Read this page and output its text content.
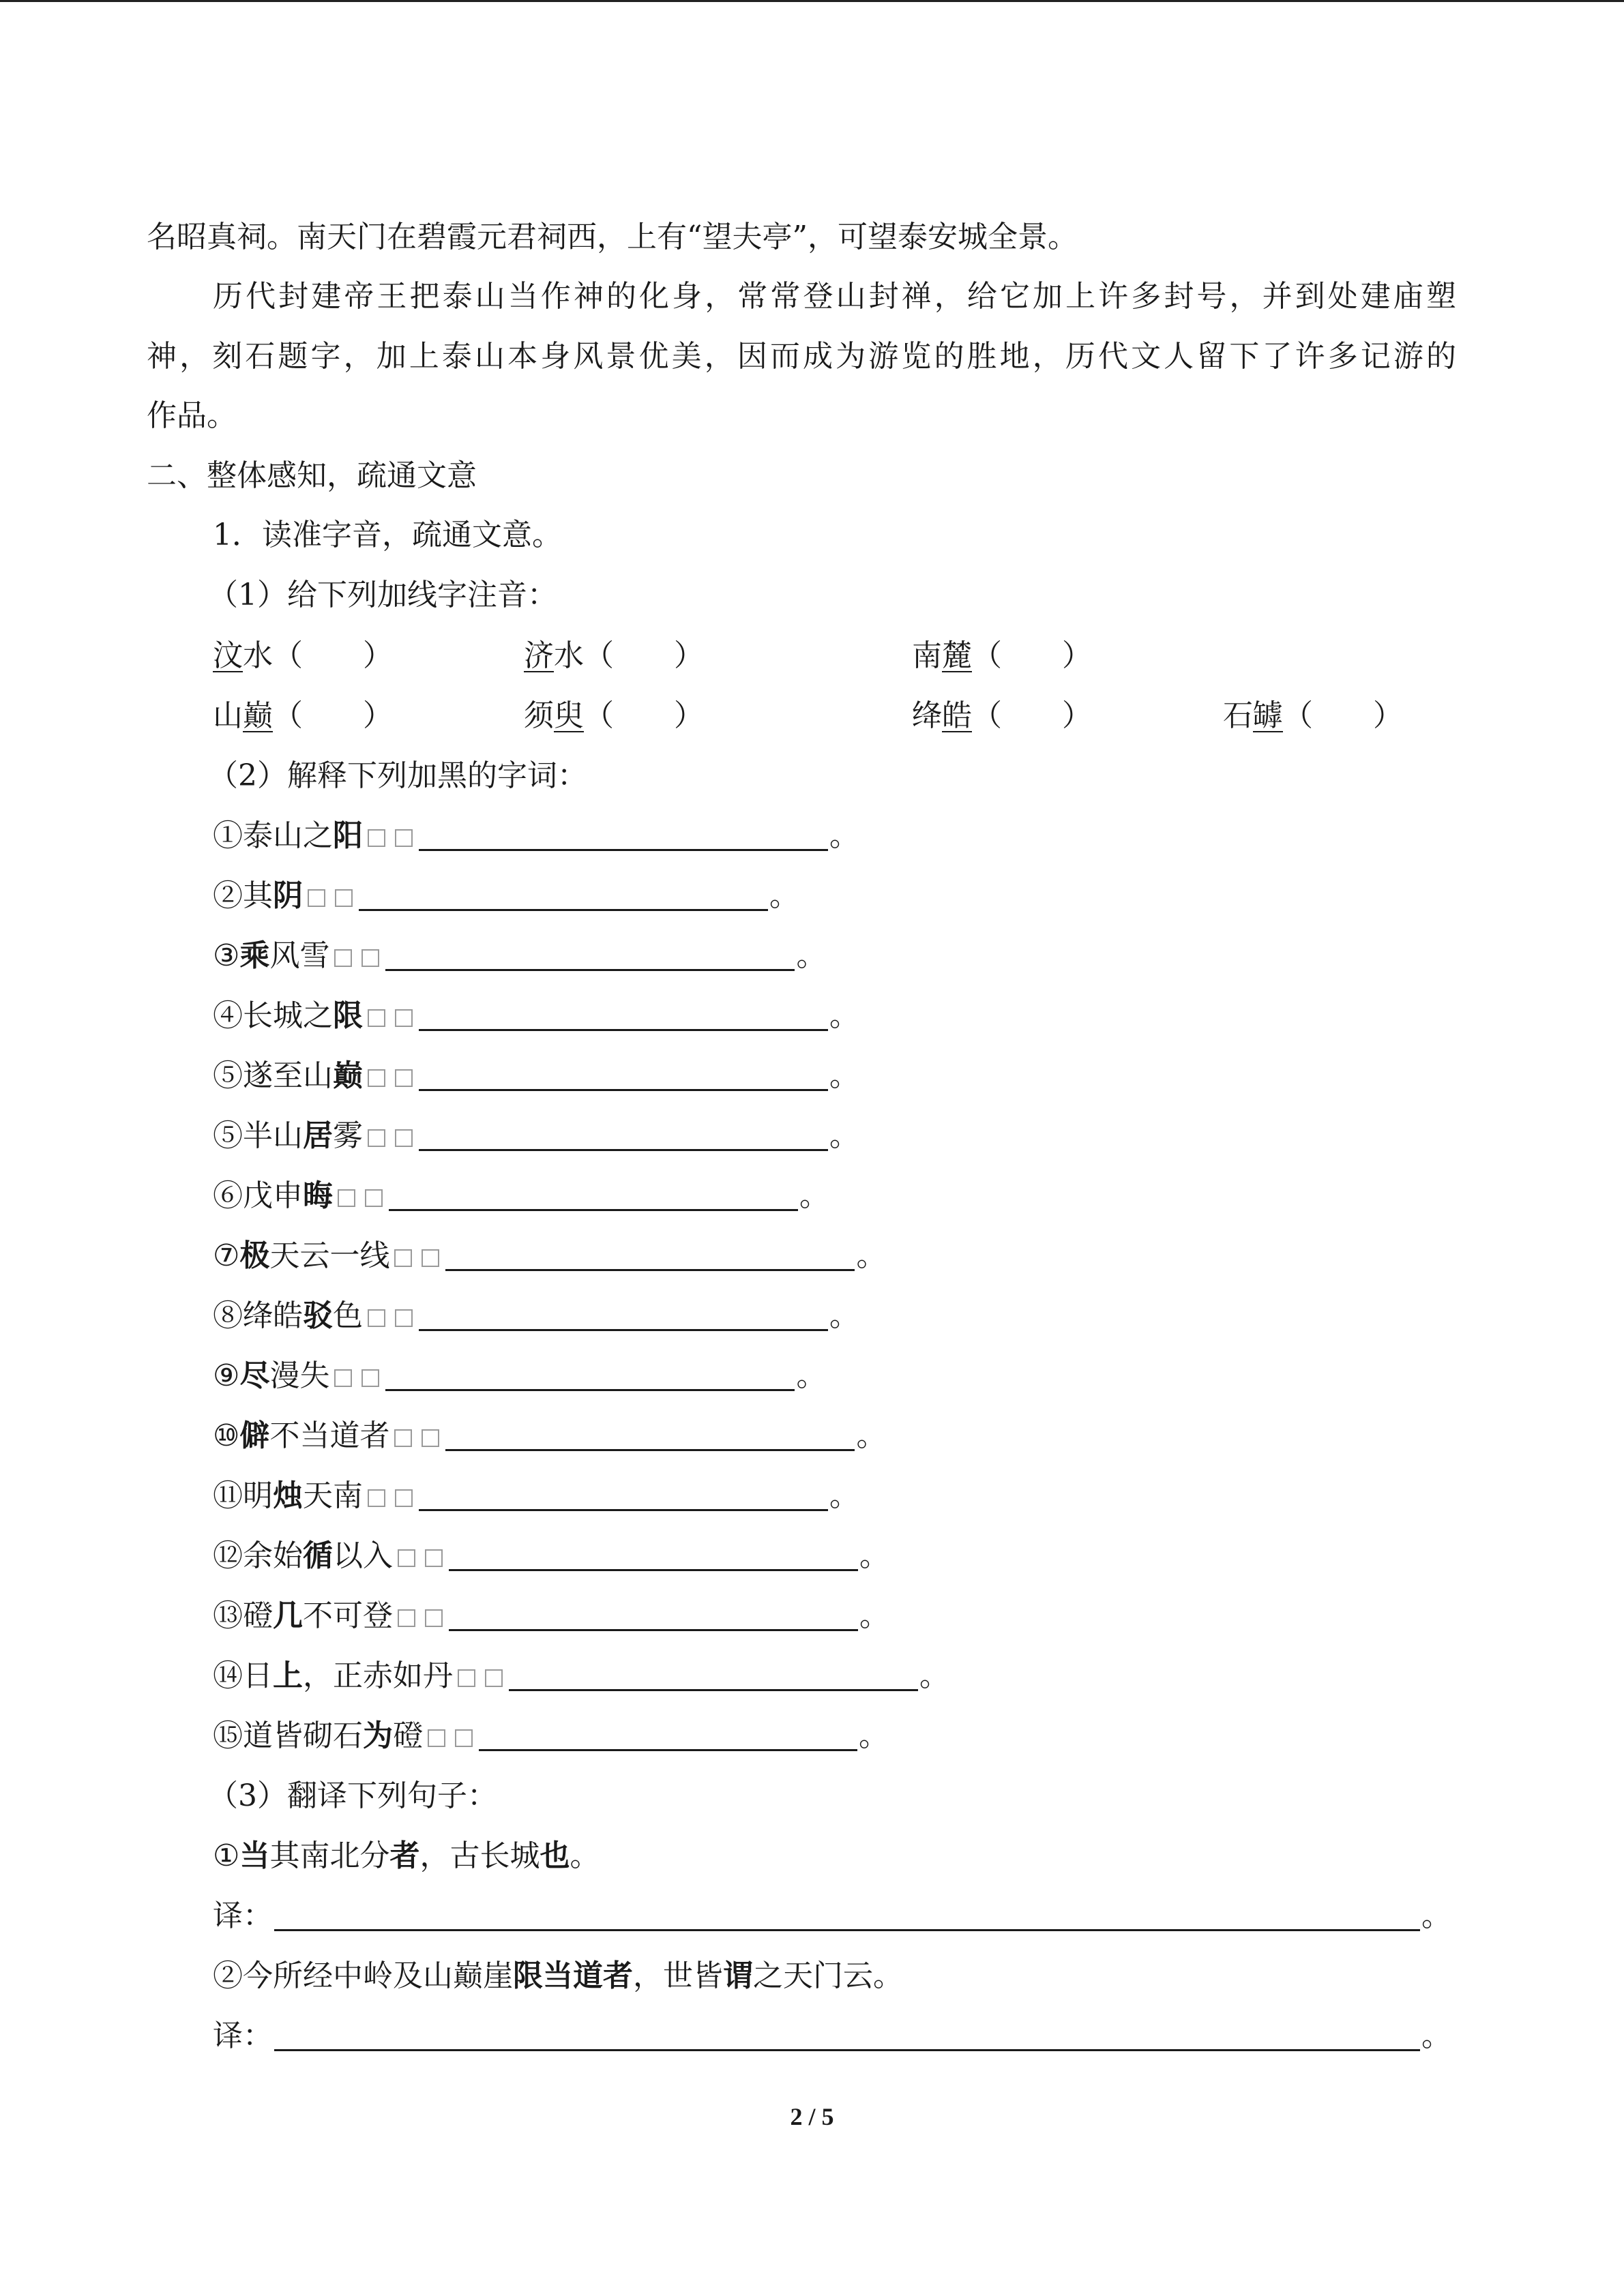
名昭真祠。南天门在碧霞元君祠西，上有“望夫亭”，可望泰安城全景。
历代封建帝王把泰山当作神的化身，常常登山封禅，给它加上许多封号，并到处建庙塑
神，刻石题字，加上泰山本身风景优美，因而成为游览的胜地，历代文人留下了许多记游的
作品。
二、整体感知，疏通文意
1．读准字音，疏通文意。
（1）给下列加线字注音：
汶水（　　）	济水（　　）	南麓（　　）
山巅（　　）	须臾（　　）	绛皓（　　）	石罅（　　）
（2）解释下列加黑的字词：
①泰山之阳	。
②其阴	。
③乘风雪	。
④长城之限	。
⑤遂至山巅	。
⑤半山居雾	。
⑥戊申晦	。
⑦极天云一线	。
⑧绛皓驳色	。
⑨尽漫失	。
⑩僻不当道者	。
⑪明烛天南	。
⑫余始循以入	。
⑬磴几不可登	。
⑭日上，正赤如丹	。
⑮道皆砌石为磴	。
（3）翻译下列句子：
①当其南北分者，古长城也。
译：	。
②今所经中岭及山巅崖限当道者，世皆谓之天门云。
译：	。
2 / 5
